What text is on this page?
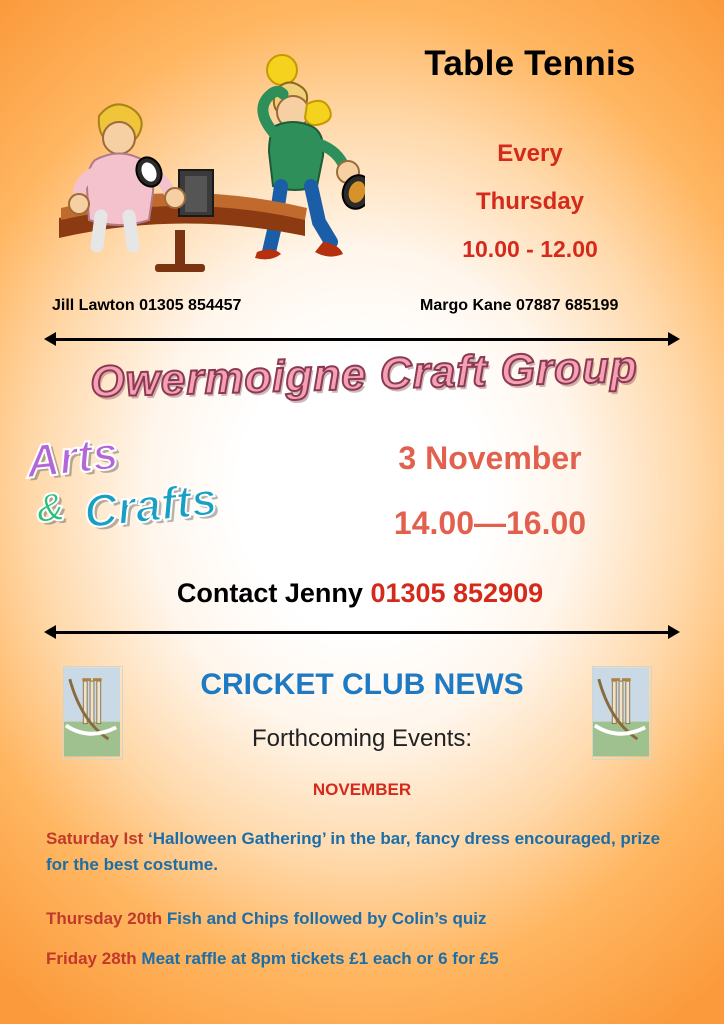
Table Tennis
Every
Thursday
10.00 - 12.00
Jill Lawton 01305 854457	Margo Kane 07887 685199
Owermoigne Craft Group
Arts
& Crafts
3 November
14.00—16.00
Contact Jenny 01305 852909
CRICKET CLUB NEWS
Forthcoming Events:
NOVEMBER
Saturday Ist ‘Halloween Gathering’ in the bar, fancy dress encouraged, prize for the best costume.
Thursday 20th Fish and Chips followed by Colin’s quiz
Friday 28th Meat raffle at 8pm tickets £1 each or 6 for £5
